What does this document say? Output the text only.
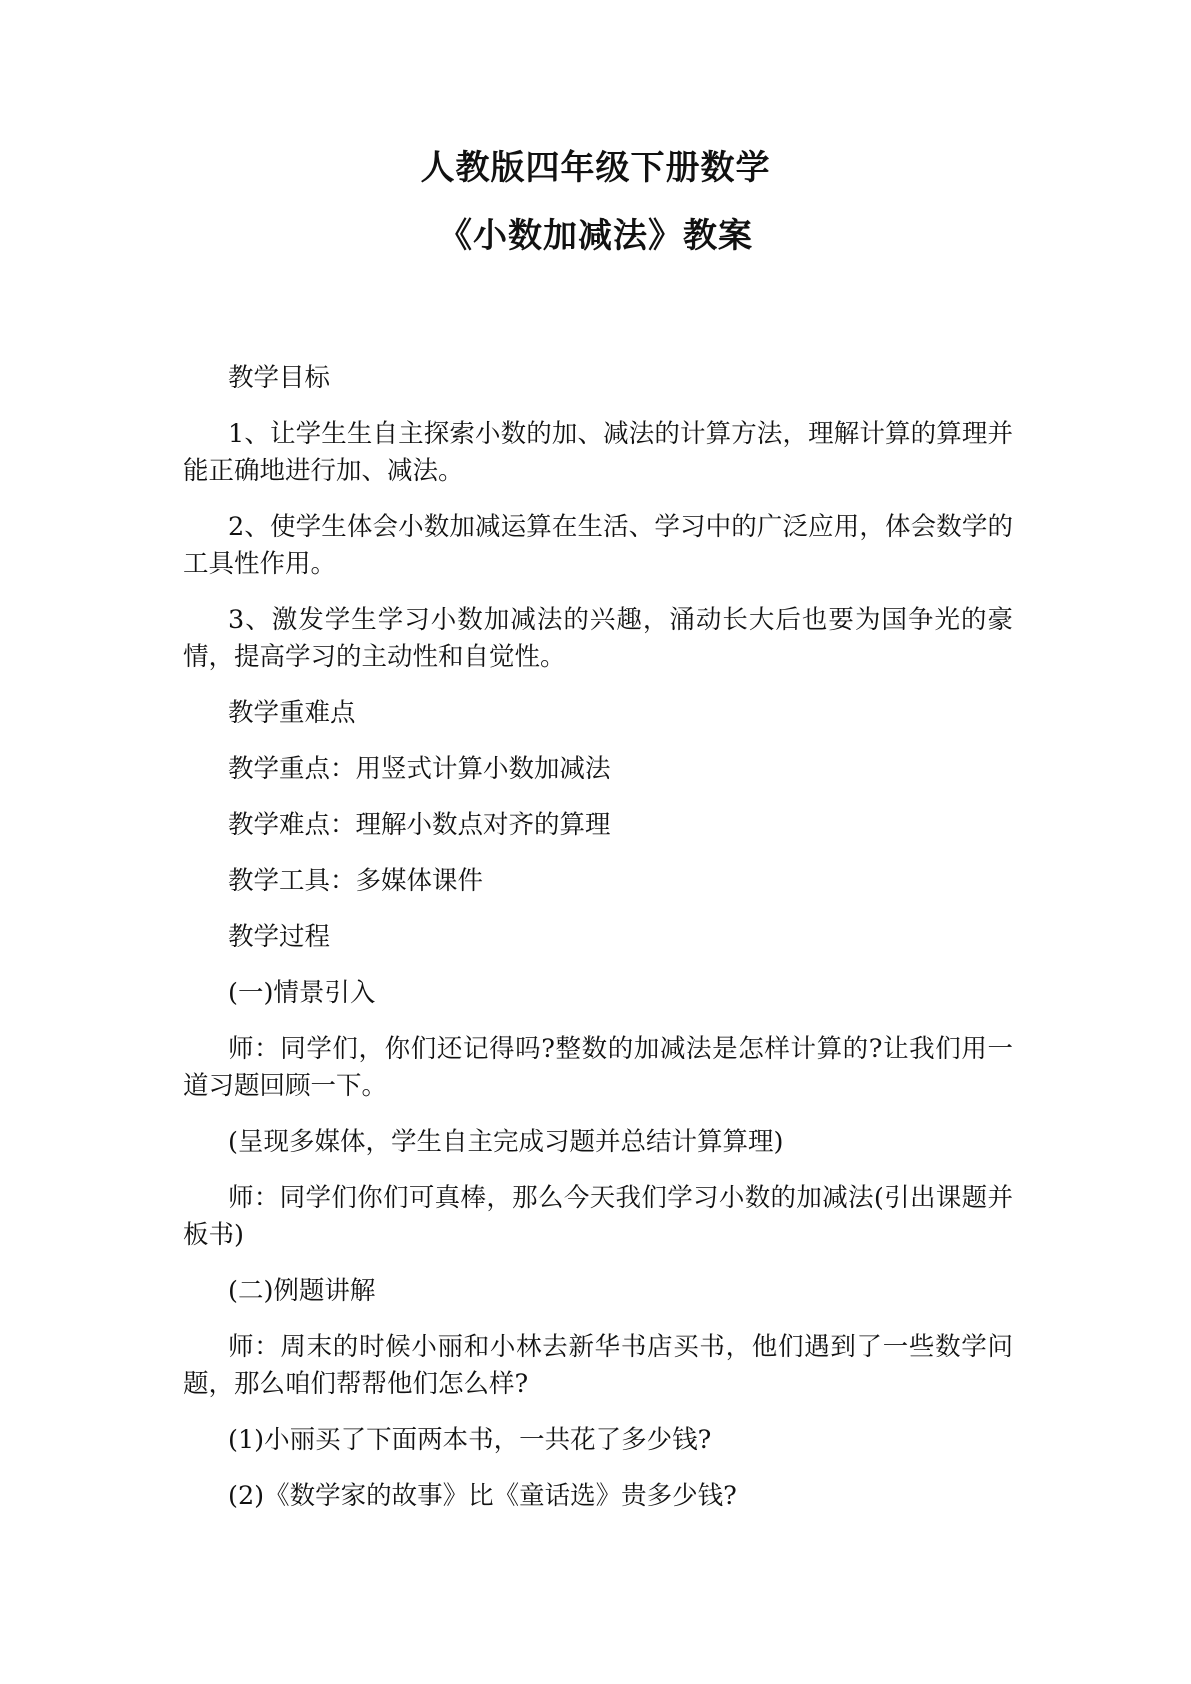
人教版四年级下册数学
《小数加减法》教案

教学目标

1、让学生生自主探索小数的加、减法的计算方法，理解计算的算理并能正确地进行加、减法。

2、使学生体会小数加减运算在生活、学习中的广泛应用，体会数学的工具性作用。

3、激发学生学习小数加减法的兴趣，涌动长大后也要为国争光的豪情，提高学习的主动性和自觉性。

教学重难点

教学重点：用竖式计算小数加减法

教学难点：理解小数点对齐的算理

教学工具：多媒体课件

教学过程

(一)情景引入

师：同学们，你们还记得吗?整数的加减法是怎样计算的?让我们用一道习题回顾一下。

(呈现多媒体，学生自主完成习题并总结计算算理)

师：同学们你们可真棒，那么今天我们学习小数的加减法(引出课题并板书)

(二)例题讲解

师：周末的时候小丽和小林去新华书店买书，他们遇到了一些数学问题，那么咱们帮帮他们怎么样?

(1)小丽买了下面两本书，一共花了多少钱?

(2)《数学家的故事》比《童话选》贵多少钱?
